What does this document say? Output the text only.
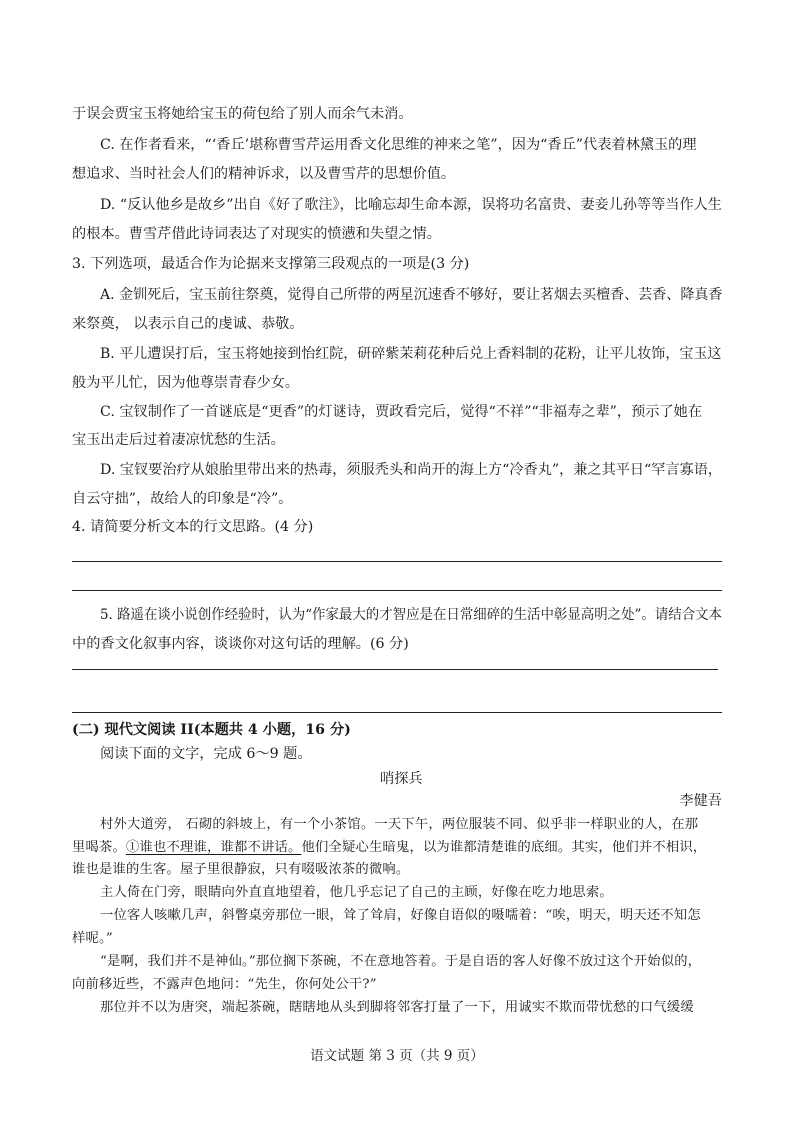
于误会贾宝玉将她给宝玉的荷包给了别人而余气未消。
C. 在作者看来，“‘香丘’堪称曹雪芹运用香文化思维的神来之笔”，因为“香丘”代表着林黛玉的理
想追求、当时社会人们的精神诉求，以及曹雪芹的思想价值。
D. “反认他乡是故乡”出自《好了歌注》，比喻忘却生命本源，误将功名富贵、妻妾儿孙等等当作人生
的根本。曹雪芹借此诗词表达了对现实的愤懑和失望之情。
3. 下列选项，最适合作为论据来支撑第三段观点的一项是(3 分)
A. 金钏死后，宝玉前往祭奠，觉得自己所带的两星沉速香不够好，要让茗烟去买檀香、芸香、降真香
来祭奠， 以表示自己的虔诚、恭敬。
B. 平儿遭误打后，宝玉将她接到怡红院，研碎紫茉莉花种后兑上香料制的花粉，让平儿妆饰，宝玉这
般为平儿忙，因为他尊崇青春少女。
C. 宝钗制作了一首谜底是“更香”的灯谜诗，贾政看完后，觉得“不祥”“非福寿之辈”，预示了她在
宝玉出走后过着凄凉忧愁的生活。
D. 宝钗要治疗从娘胎里带出来的热毒，须服秃头和尚开的海上方“冷香丸”，兼之其平日“罕言寡语，
自云守拙”，故给人的印象是“冷”。
4. 请简要分析文本的行文思路。(4 分)
5. 路遥在谈小说创作经验时，认为“作家最大的才智应是在日常细碎的生活中彰显高明之处”。请结合文本
中的香文化叙事内容，谈谈你对这句话的理解。(6 分)
(二) 现代文阅读 II(本题共 4 小题，16 分)
阅读下面的文字，完成 6～9 题。
哨探兵
李健吾
村外大道旁， 石砌的斜坡上，有一个小茶馆。一天下午，两位服装不同、似乎非一样职业的人，在那
里喝茶。①谁也不理谁，谁都不讲话。他们全疑心生暗鬼，以为谁都清楚谁的底细。其实，他们并不相识，
谁也是谁的生客。屋子里很静寂，只有啜吸浓茶的微响。
主人倚在门旁，眼睛向外直直地望着，他几乎忘记了自己的主顾，好像在吃力地思索。
一位客人咳嗽几声，斜瞥桌旁那位一眼，耸了耸肩，好像自语似的嗫嚅着：“唉，明天，明天还不知怎
样呢。”
“是啊，我们并不是神仙。”那位搁下茶碗，不在意地答着。于是自语的客人好像不放过这个开始似的，
向前移近些，不露声色地问：“先生，你何处公干?”
那位并不以为唐突，端起茶碗，瞎瞎地从头到脚将邻客打量了一下，用诚实不欺而带忧愁的口气缓缓
语文试题 第 3 页（共 9 页）
